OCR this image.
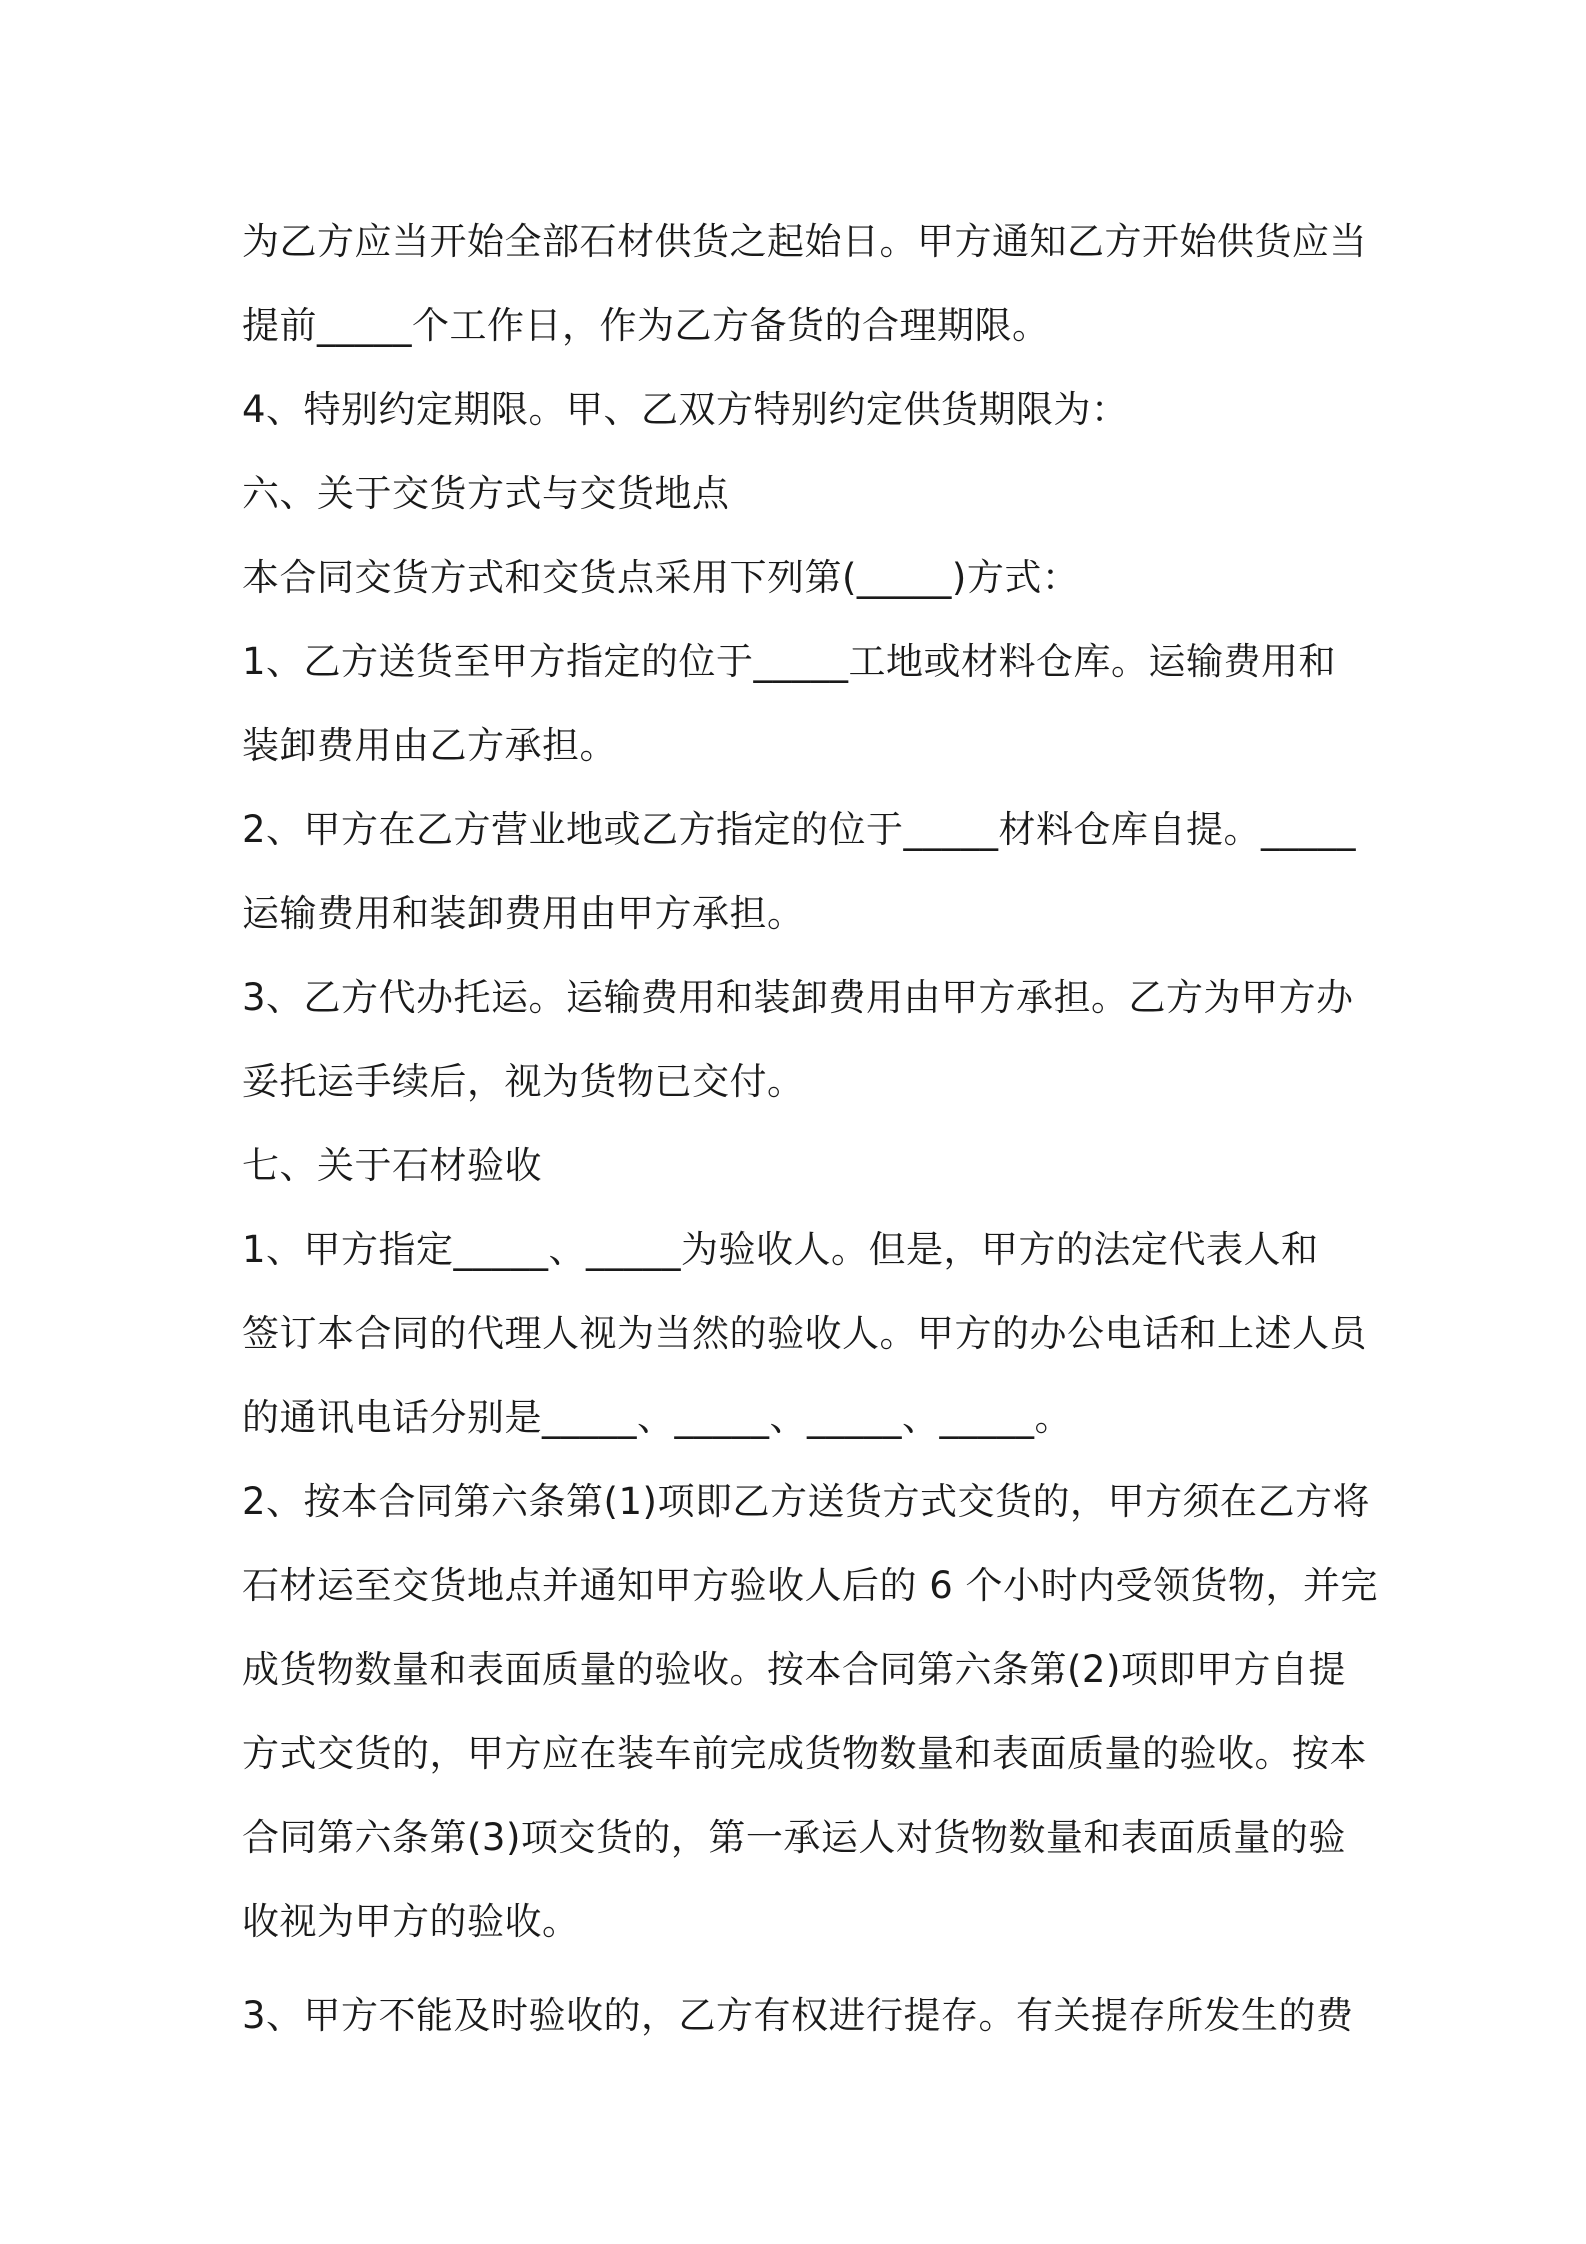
为乙方应当开始全部石材供货之起始日。甲方通知乙方开始供货应当
提前_____个工作日，作为乙方备货的合理期限。
4、特别约定期限。甲、乙双方特别约定供货期限为：
六、关于交货方式与交货地点
本合同交货方式和交货点采用下列第(_____)方式：
1、乙方送货至甲方指定的位于_____工地或材料仓库。运输费用和
装卸费用由乙方承担。
2、甲方在乙方营业地或乙方指定的位于_____材料仓库自提。_____
运输费用和装卸费用由甲方承担。
3、乙方代办托运。运输费用和装卸费用由甲方承担。乙方为甲方办
妥托运手续后，视为货物已交付。
七、关于石材验收
1、甲方指定_____、_____为验收人。但是，甲方的法定代表人和
签订本合同的代理人视为当然的验收人。甲方的办公电话和上述人员
的通讯电话分别是_____、_____、_____、_____。
2、按本合同第六条第(1)项即乙方送货方式交货的，甲方须在乙方将
石材运至交货地点并通知甲方验收人后的 6 个小时内受领货物，并完
成货物数量和表面质量的验收。按本合同第六条第(2)项即甲方自提
方式交货的，甲方应在装车前完成货物数量和表面质量的验收。按本
合同第六条第(3)项交货的，第一承运人对货物数量和表面质量的验
收视为甲方的验收。
3、甲方不能及时验收的，乙方有权进行提存。有关提存所发生的费
